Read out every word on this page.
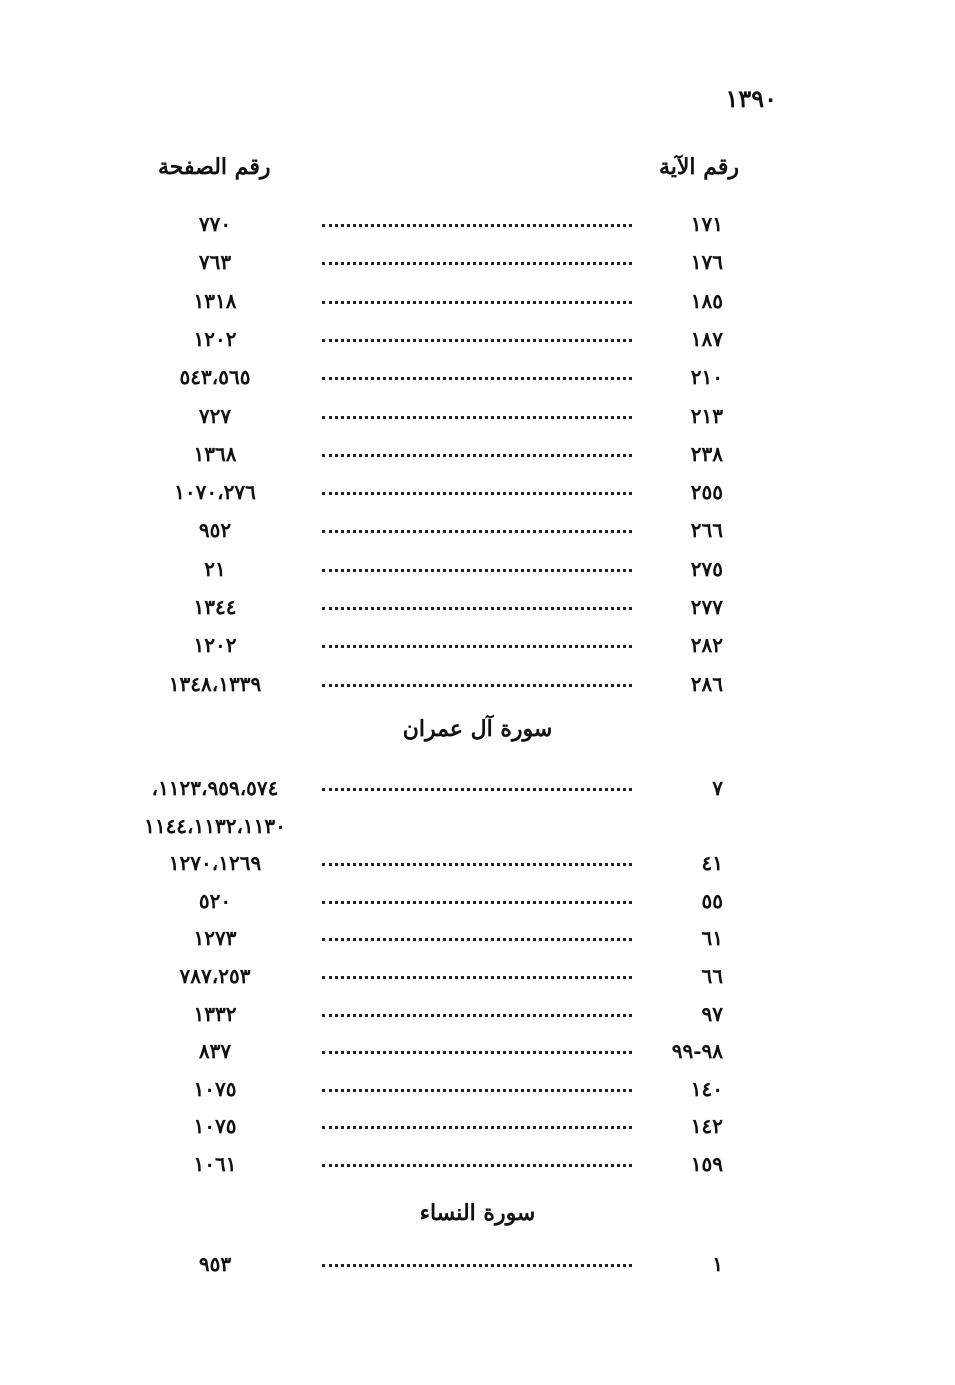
١٣٩٠
رقم الآية
رقم الصفحة
١٧١
٧٧٠
١٧٦
٧٦٣
١٨٥
١٣١٨
١٨٧
١٢٠٢
٢١٠
٥٤٣،٥٦٥
٢١٣
٧٢٧
٢٣٨
١٣٦٨
٢٥٥
١٠٧٠،٢٧٦
٢٦٦
٩٥٢
٢٧٥
٢١
٢٧٧
١٣٤٤
٢٨٢
١٢٠٢
٢٨٦
١٣٤٨،١٣٣٩
سورة آل عمران
٧
١١٢٣،٩٥٩،٥٧٤،
١١٤٤،١١٣٢،١١٣٠
٤١
١٢٧٠،١٢٦٩
٥٥
٥٢٠
٦١
١٢٧٣
٦٦
٧٨٧،٢٥٣
٩٧
١٣٣٢
٩٨-٩٩
٨٣٧
١٤٠
١٠٧٥
١٤٢
١٠٧٥
١٥٩
١٠٦١
سورة النساء
١
٩٥٣
